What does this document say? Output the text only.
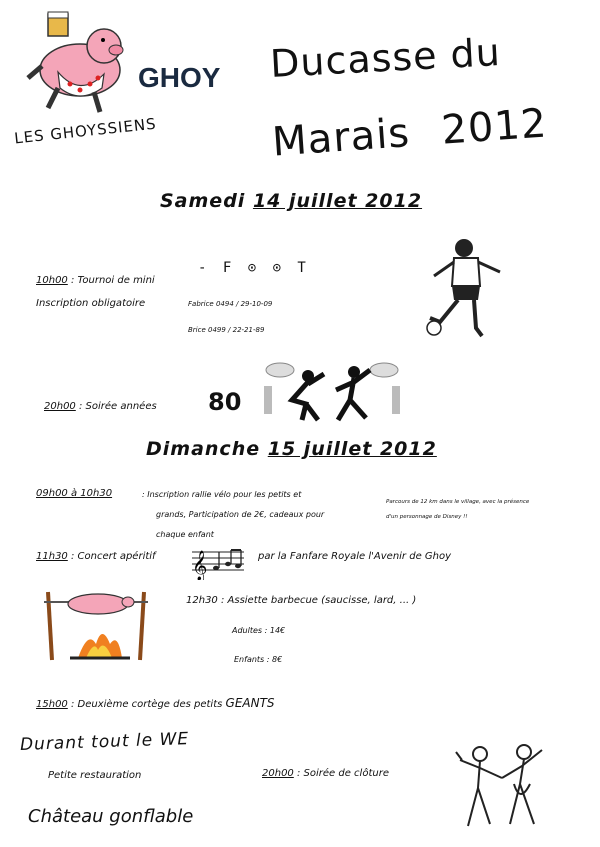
GHOY
LES GHOYSSIENS
Ducasse du
Marais 2012
Samedi 14 juillet 2012
10h00 : Tournoi de mini
- F ⊙ ⊙ T
Inscription obligatoire	Fabrice 0494 / 29-10-09
Brice 0499 / 22-21-89
20h00 : Soirée années 80
Dimanche 15 juillet 2012
09h00 à 10h30	: Inscription rallie vélo pour les petits et
grands, Participation de 2€, cadeaux pour
chaque enfant
Parcours de 12 km dans le village, avec la présence
d'un personnage de Disney !!
11h30 : Concert apéritif 𝄞	par la Fanfare Royale l'Avenir de Ghoy
12h30 : Assiette barbecue (saucisse, lard, ... )
Adultes : 14€
Enfants : 8€
15h00 : Deuxième cortège des petits GEANTS
Durant tout le WE
Petite restauration
Château gonflable
20h00 : Soirée de clôture
